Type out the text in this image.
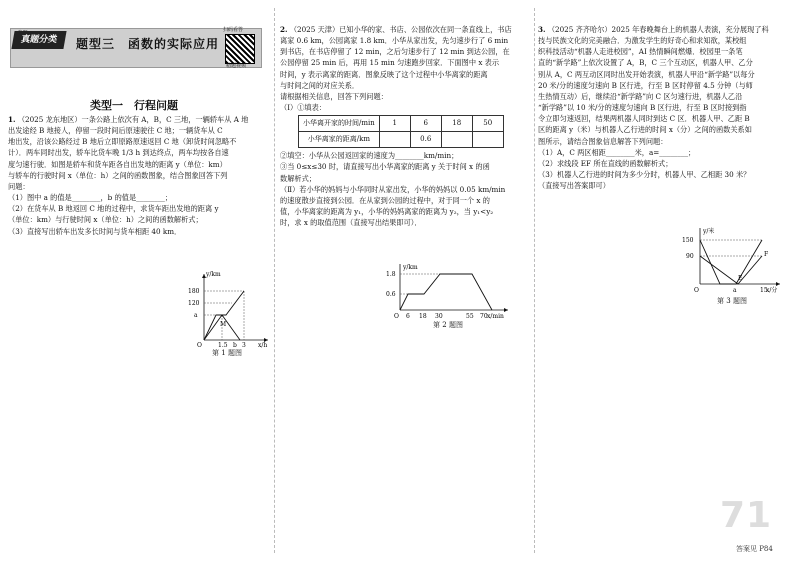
专题
真题分类	题型三　函数的实际应用
扫码看答
精题视频
类型一　行程问题

1. （2025 龙东地区）一条公路上依次有 A，B，C 三地，一辆轿车从 A 地

出发途经 B 地接人，停留一段时间后原速驶往 C 地；一辆货车从 C

地出发，沿该公路经过 B 地后立即原路原速返回 C 地（卸货时间忽略不

计）．两车同时出发，轿车比货车晚 1/3 h 到达终点，两车均按各自速

度匀速行驶．如图是轿车和货车距各自出发地的距离 y（单位：km）

与轿车的行驶时间 x（单位：h）之间的函数图象，结合图象回答下列

问题：

（1）图中 a 的值是________，b 的值是________；

（2）在货车从 B 地返回 C 地的过程中，求货车距出发地的距离 y

（单位：km）与行驶时间 x（单位：h）之间的函数解析式；

（3）直接写出轿车出发多长时间与货车相距 40 km．

y/km
x/h
180
120
a
O	1.5 b 3
M
第 1 题图

2. （2025 天津）已知小华的家、书店、公园依次在同一条直线上，书店

离家 0.6 km，公园离家 1.8 km．小华从家出发，先匀速步行了 6 min

到书店，在书店停留了 12 min，之后匀速步行了 12 min 到达公园，在

公园停留 25 min 后，再用 15 min 匀速跑步回家．下面图中 x 表示

时间，y 表示离家的距离．图象反映了这个过程中小华离家的距离

与时间之间的对应关系．

请根据相关信息，回答下列问题：

（Ⅰ）①填表：

小华离开家的时间/min	1	6	18	50
小华离家的距离/km		0.6		

②填空：小华从公园返回家的速度为________km/min；

③当 0≤x≤30 时，请直接写出小华离家的距离 y 关于时间 x 的函

数解析式；

（Ⅱ）若小华的妈妈与小华同时从家出发，小华的妈妈以 0.05 km/min

的速度散步直接到公园．在从家到公园的过程中，对于同一个 x 的

值，小华离家的距离为 y₁，小华的妈妈离家的距离为 y₂，当 y₁<y₂

时，求 x 的取值范围（直接写出结果即可）．

y/km
x/min
1.8
0.6
O 6 18 30	55 70
第 2 题图

3. （2025 齐齐哈尔）2025 年春晚舞台上的机器人表演，充分展现了科

技与民族文化的完美融合．为激发学生的好奇心和求知欲，某校组

织科技活动“机器人走进校园”，AI 热情瞬间燃爆．校园里一条笔

直的“新学路”上依次设置了 A，B，C 三个互动区，机器人甲、乙分

别从 A，C 两互动区同时出发开始表演，机器人甲沿“新学路”以每分

20 米/分的速度匀速向 B 区行进，行至 B 区时停留 4.5 分钟（与师

生热情互动）后，继续沿“新学路”向 C 区匀速行进，机器人乙沿

“新学路”以 10 米/分的速度匀速向 B 区行进，行至 B 区时接到指

令立即匀速返回，结果两机器人同时到达 C 区．机器人甲、乙距 B

区的距离 y（米）与机器人乙行进的时间 x（分）之间的函数关系如

图所示，请结合图象信息解答下列问题：

（1）A，C 两区相距________米，a=________；

（2）求线段 EF 所在直线的函数解析式；

（3）机器人乙行进的时间为多少分时，机器人甲、乙相距 30 米？

（直接写出答案即可）

y/米
x/分
150
90
O	a	15
E
F
第 3 题图
71
答案见 P84
